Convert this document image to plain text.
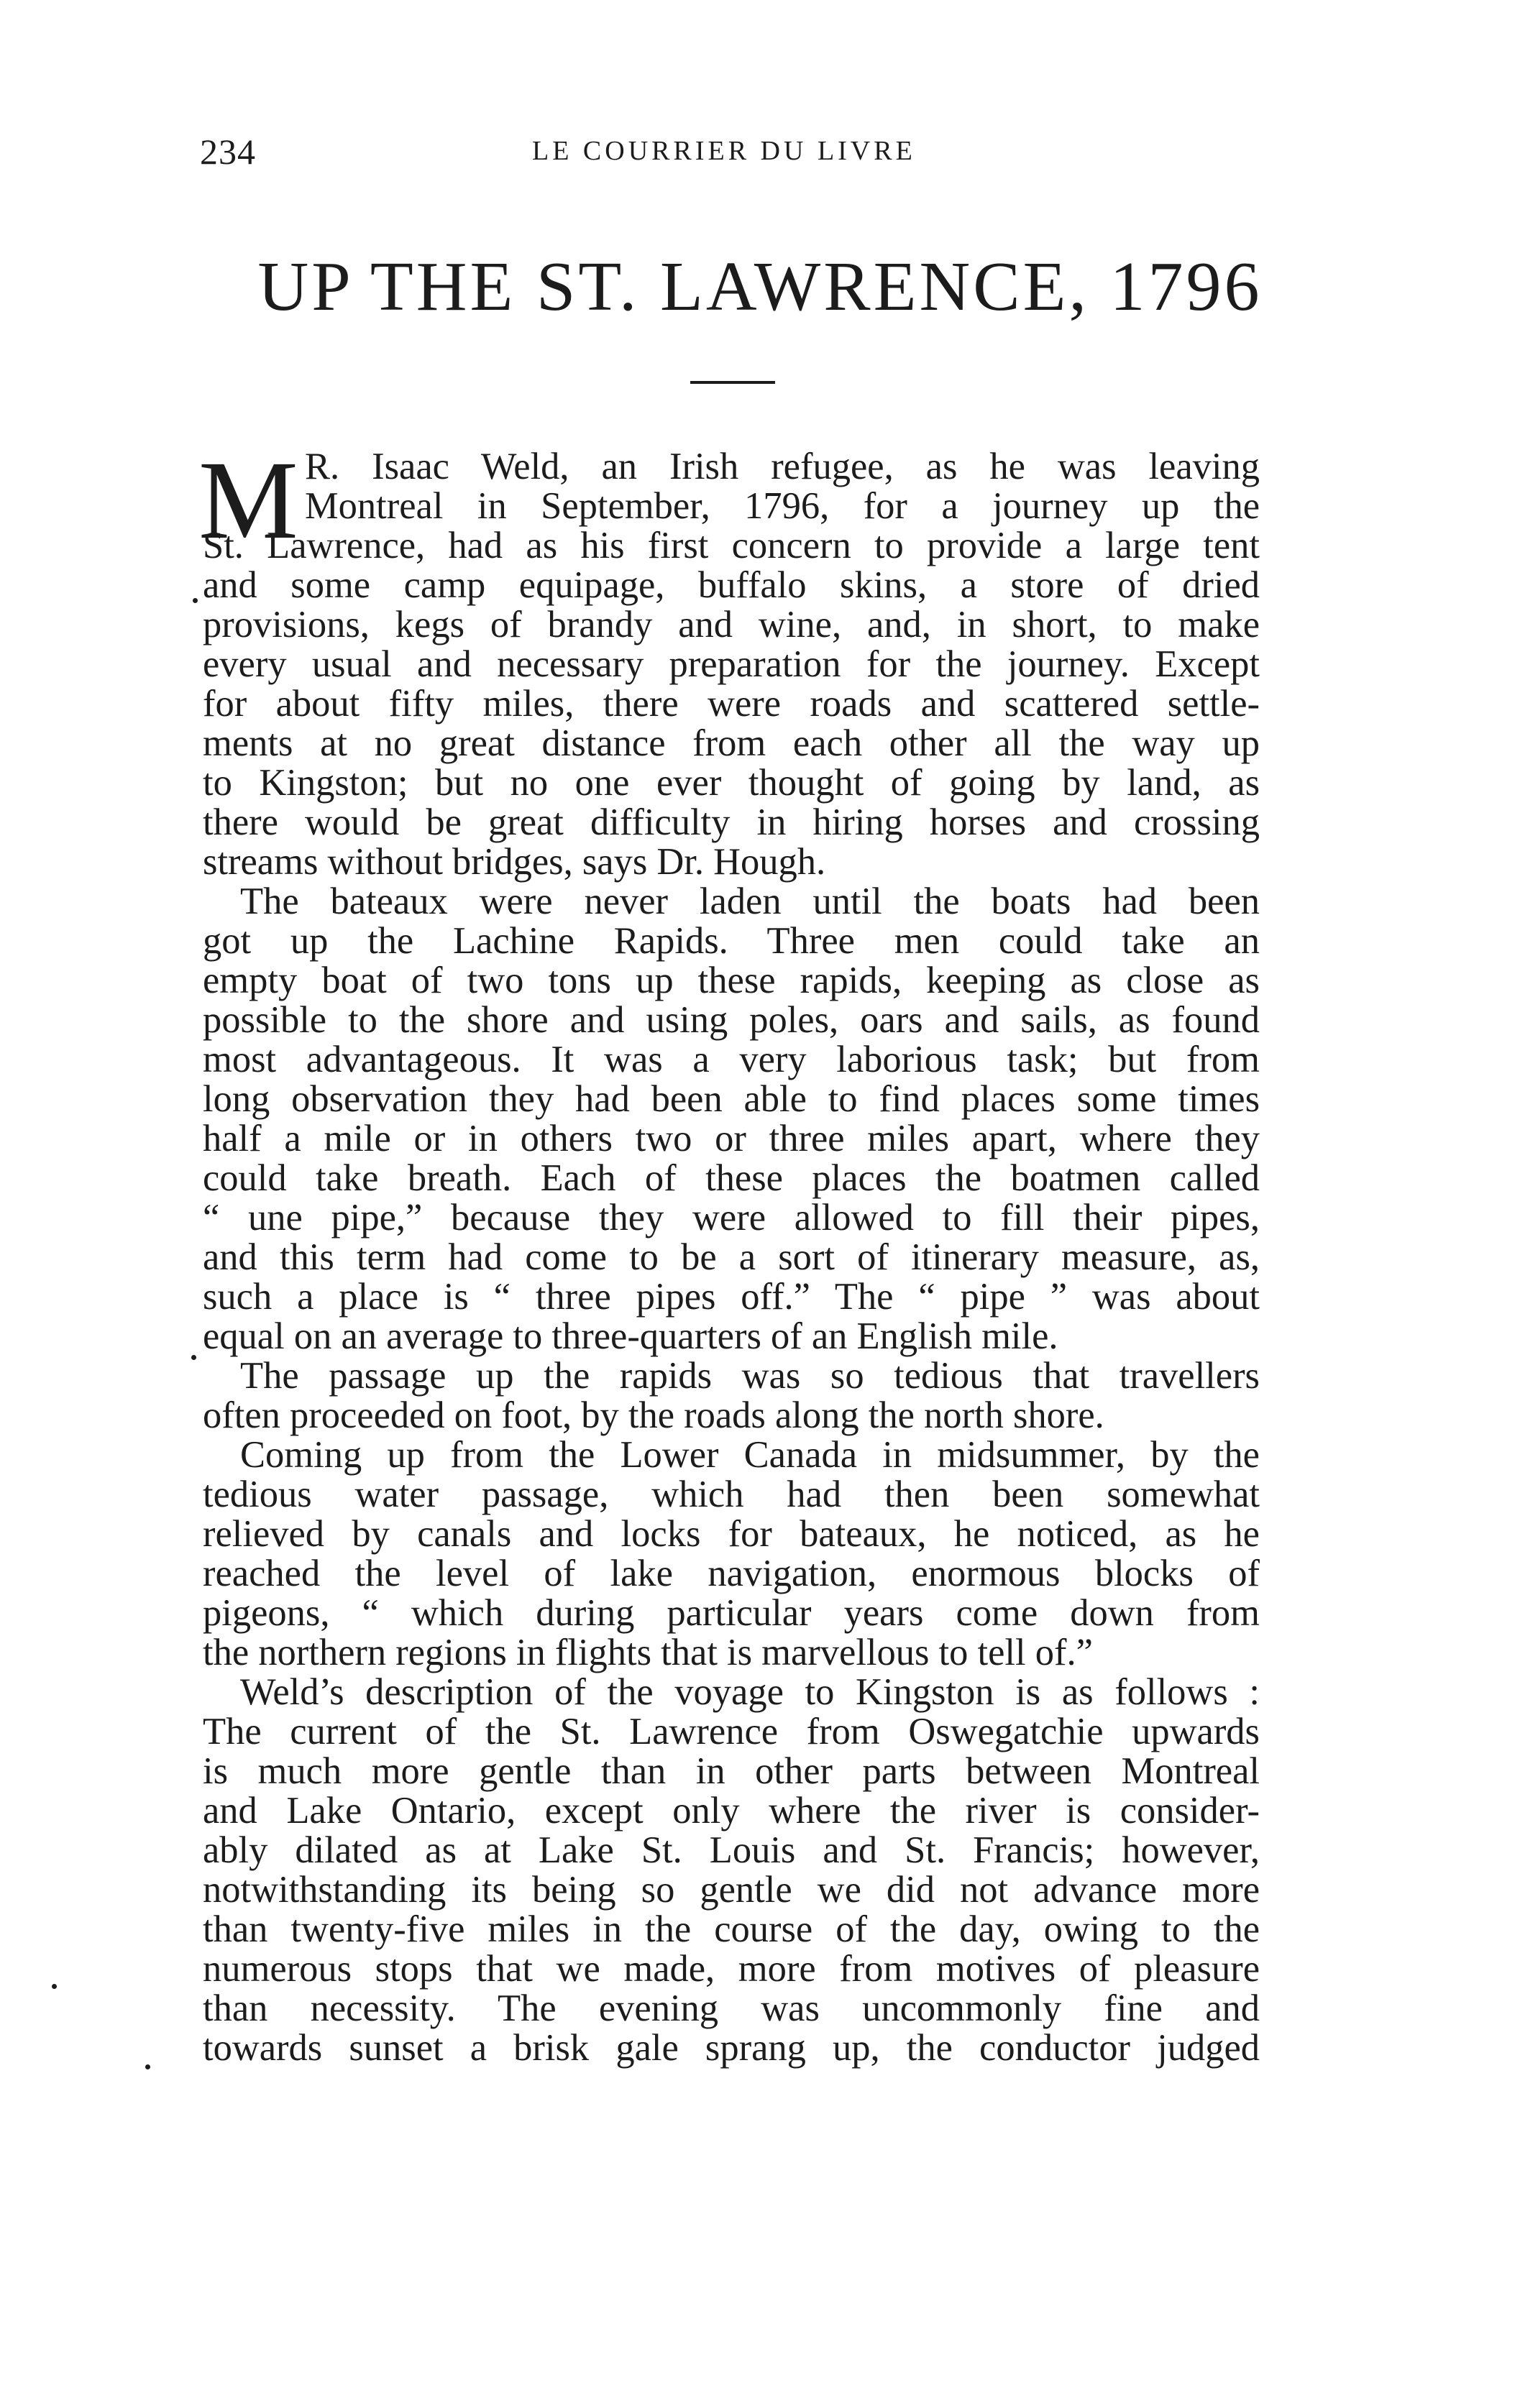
234	LE COURRIER DU LIVRE
UP THE ST. LAWRENCE, 1796
M R. Isaac Weld, an Irish refugee, as he was leaving
Montreal in September, 1796, for a journey up the
St. Lawrence, had as his first concern to provide a large tent
and some camp equipage, buffalo skins, a store of dried
provisions, kegs of brandy and wine, and, in short, to make
every usual and necessary preparation for the journey. Except
for about fifty miles, there were roads and scattered settle-
ments at no great distance from each other all the way up
to Kingston; but no one ever thought of going by land, as
there would be great difficulty in hiring horses and crossing
streams without bridges, says Dr. Hough.
The bateaux were never laden until the boats had been
got up the Lachine Rapids. Three men could take an
empty boat of two tons up these rapids, keeping as close as
possible to the shore and using poles, oars and sails, as found
most advantageous. It was a very laborious task; but from
long observation they had been able to find places some times
half a mile or in others two or three miles apart, where they
could take breath. Each of these places the boatmen called
“ une pipe,” because they were allowed to fill their pipes,
and this term had come to be a sort of itinerary measure, as,
such a place is “ three pipes off.” The “ pipe ” was about
equal on an average to three-quarters of an English mile.
The passage up the rapids was so tedious that travellers
often proceeded on foot, by the roads along the north shore.
Coming up from the Lower Canada in midsummer, by the
tedious water passage, which had then been somewhat
relieved by canals and locks for bateaux, he noticed, as he
reached the level of lake navigation, enormous blocks of
pigeons, “ which during particular years come down from
the northern regions in flights that is marvellous to tell of.”
Weld’s description of the voyage to Kingston is as follows :
The current of the St. Lawrence from Oswegatchie upwards
is much more gentle than in other parts between Montreal
and Lake Ontario, except only where the river is consider-
ably dilated as at Lake St. Louis and St. Francis; however,
notwithstanding its being so gentle we did not advance more
than twenty-five miles in the course of the day, owing to the
numerous stops that we made, more from motives of pleasure
than necessity. The evening was uncommonly fine and
towards sunset a brisk gale sprang up, the conductor judged
